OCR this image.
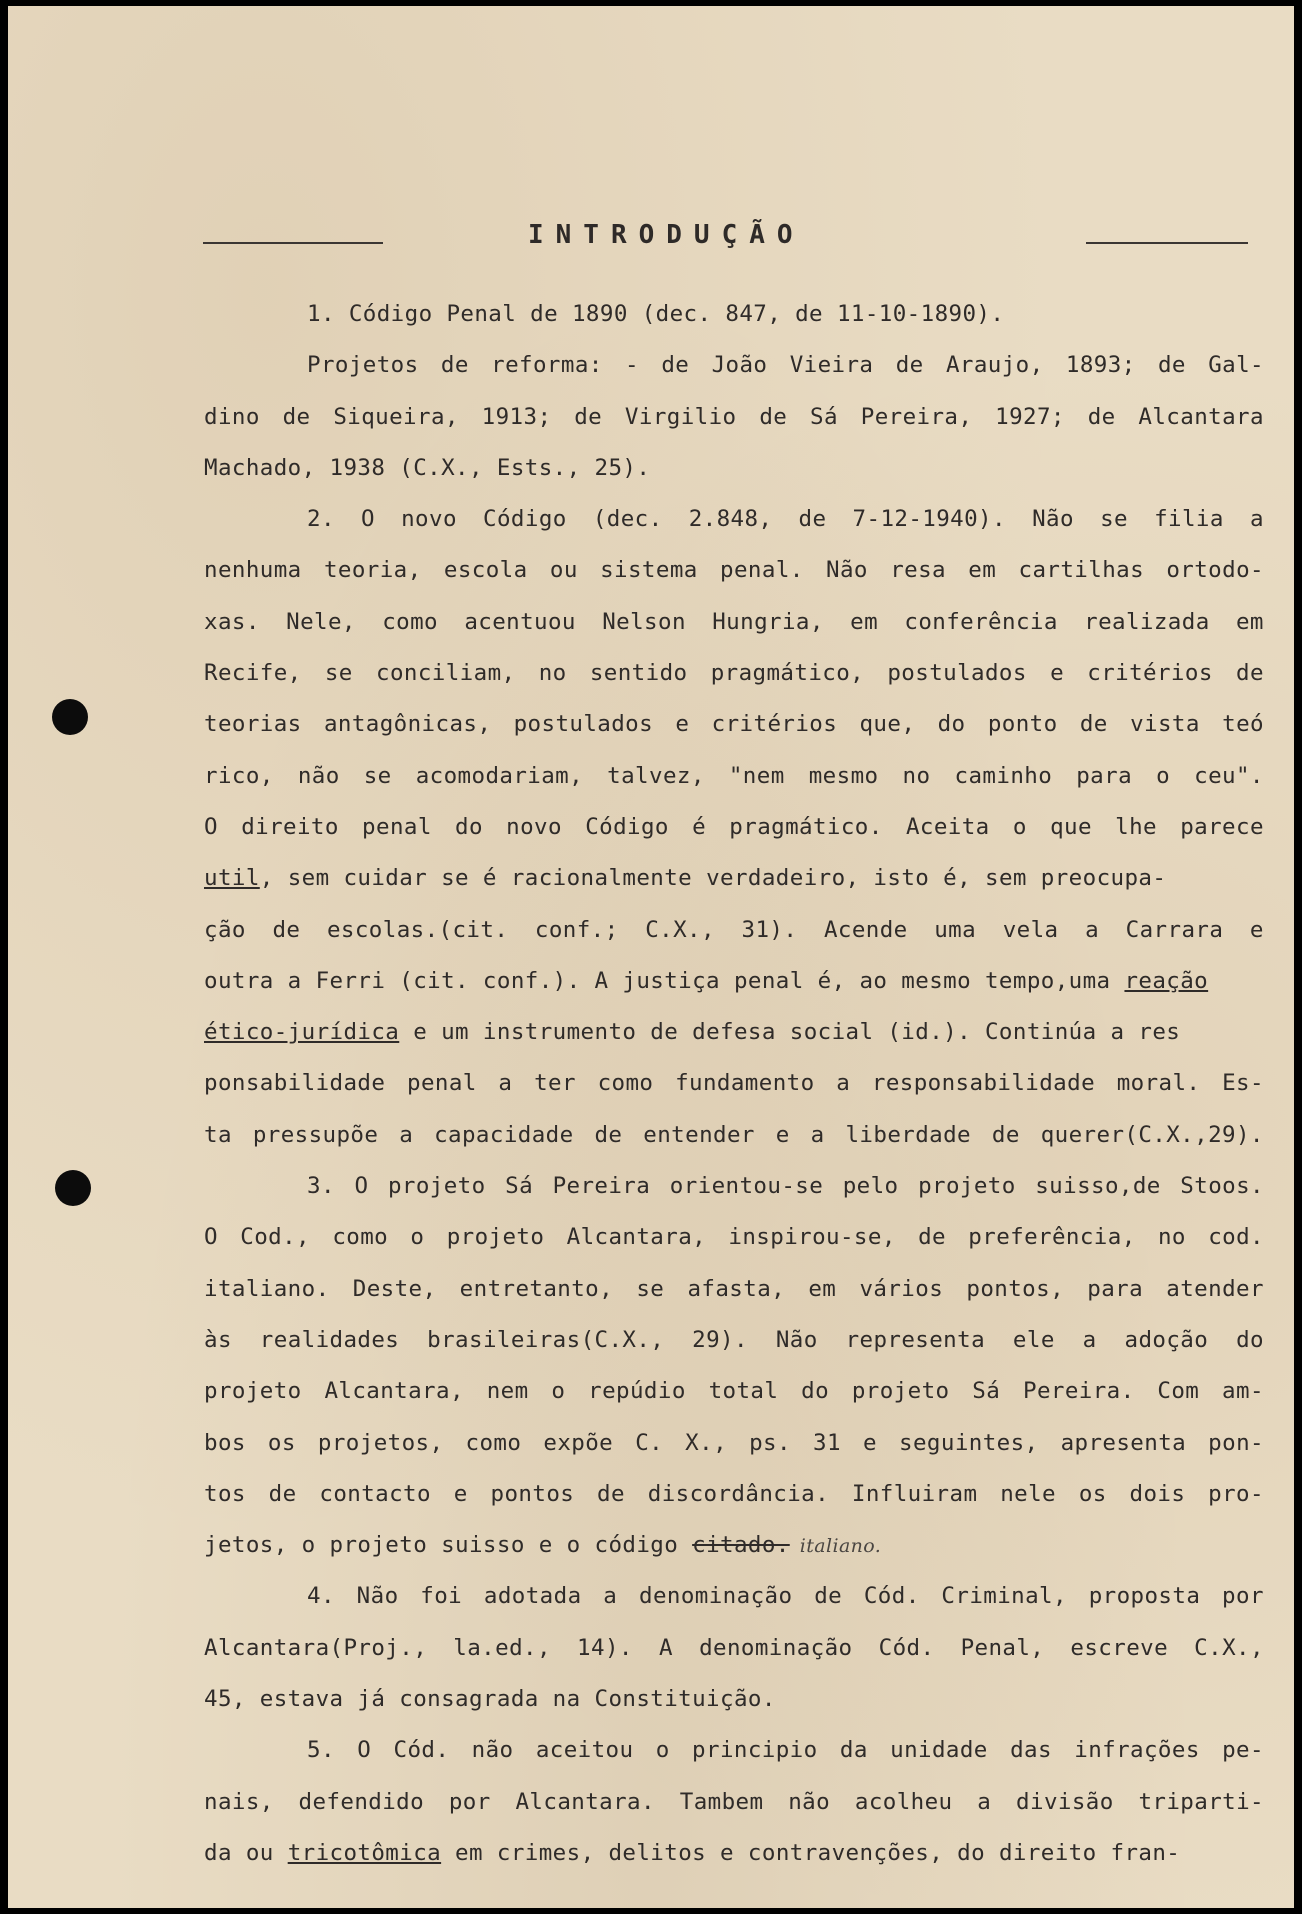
INTRODUÇÃO
1. Código Penal de 1890 (dec. 847, de 11-10-1890).
Projetos de reforma: - de João Vieira de Araujo, 1893; de Gal-
dino de Siqueira, 1913; de Virgilio de Sá Pereira, 1927; de Alcantara
Machado, 1938 (C.X., Ests., 25).
2. O novo Código (dec. 2.848, de 7-12-1940). Não se filia a
nenhuma teoria, escola ou sistema penal. Não resa em cartilhas ortodo-
xas. Nele, como acentuou Nelson Hungria, em conferência realizada em
Recife, se conciliam, no sentido pragmático, postulados e critérios de
teorias antagônicas, postulados e critérios que, do ponto de vista teó
rico, não se acomodariam, talvez, "nem mesmo no caminho para o ceu".
O direito penal do novo Código é pragmático. Aceita o que lhe parece
util, sem cuidar se é racionalmente verdadeiro, isto é, sem preocupa-
ção de escolas.(cit. conf.; C.X., 31). Acende uma vela a Carrara e
outra a Ferri (cit. conf.). A justiça penal é, ao mesmo tempo,uma reação
ético-jurídica e um instrumento de defesa social (id.). Continúa a res
ponsabilidade penal a ter como fundamento a responsabilidade moral. Es-
ta pressupõe a capacidade de entender e a liberdade de querer(C.X.,29).
3. O projeto Sá Pereira orientou-se pelo projeto suisso,de Stoos.
O Cod., como o projeto Alcantara, inspirou-se, de preferência, no cod.
italiano. Deste, entretanto, se afasta, em vários pontos, para atender
às realidades brasileiras(C.X., 29). Não representa ele a adoção do
projeto Alcantara, nem o repúdio total do projeto Sá Pereira. Com am-
bos os projetos, como expõe C. X., ps. 31 e seguintes, apresenta pon-
tos de contacto e pontos de discordância. Influiram nele os dois pro-
jetos, o projeto suisso e o código citado. italiano.
4. Não foi adotada a denominação de Cód. Criminal, proposta por
Alcantara(Proj., la.ed., 14). A denominação Cód. Penal, escreve C.X.,
45, estava já consagrada na Constituição.
5. O Cód. não aceitou o principio da unidade das infrações pe-
nais, defendido por Alcantara. Tambem não acolheu a divisão triparti-
da ou tricotômica em crimes, delitos e contravenções, do direito fran-
